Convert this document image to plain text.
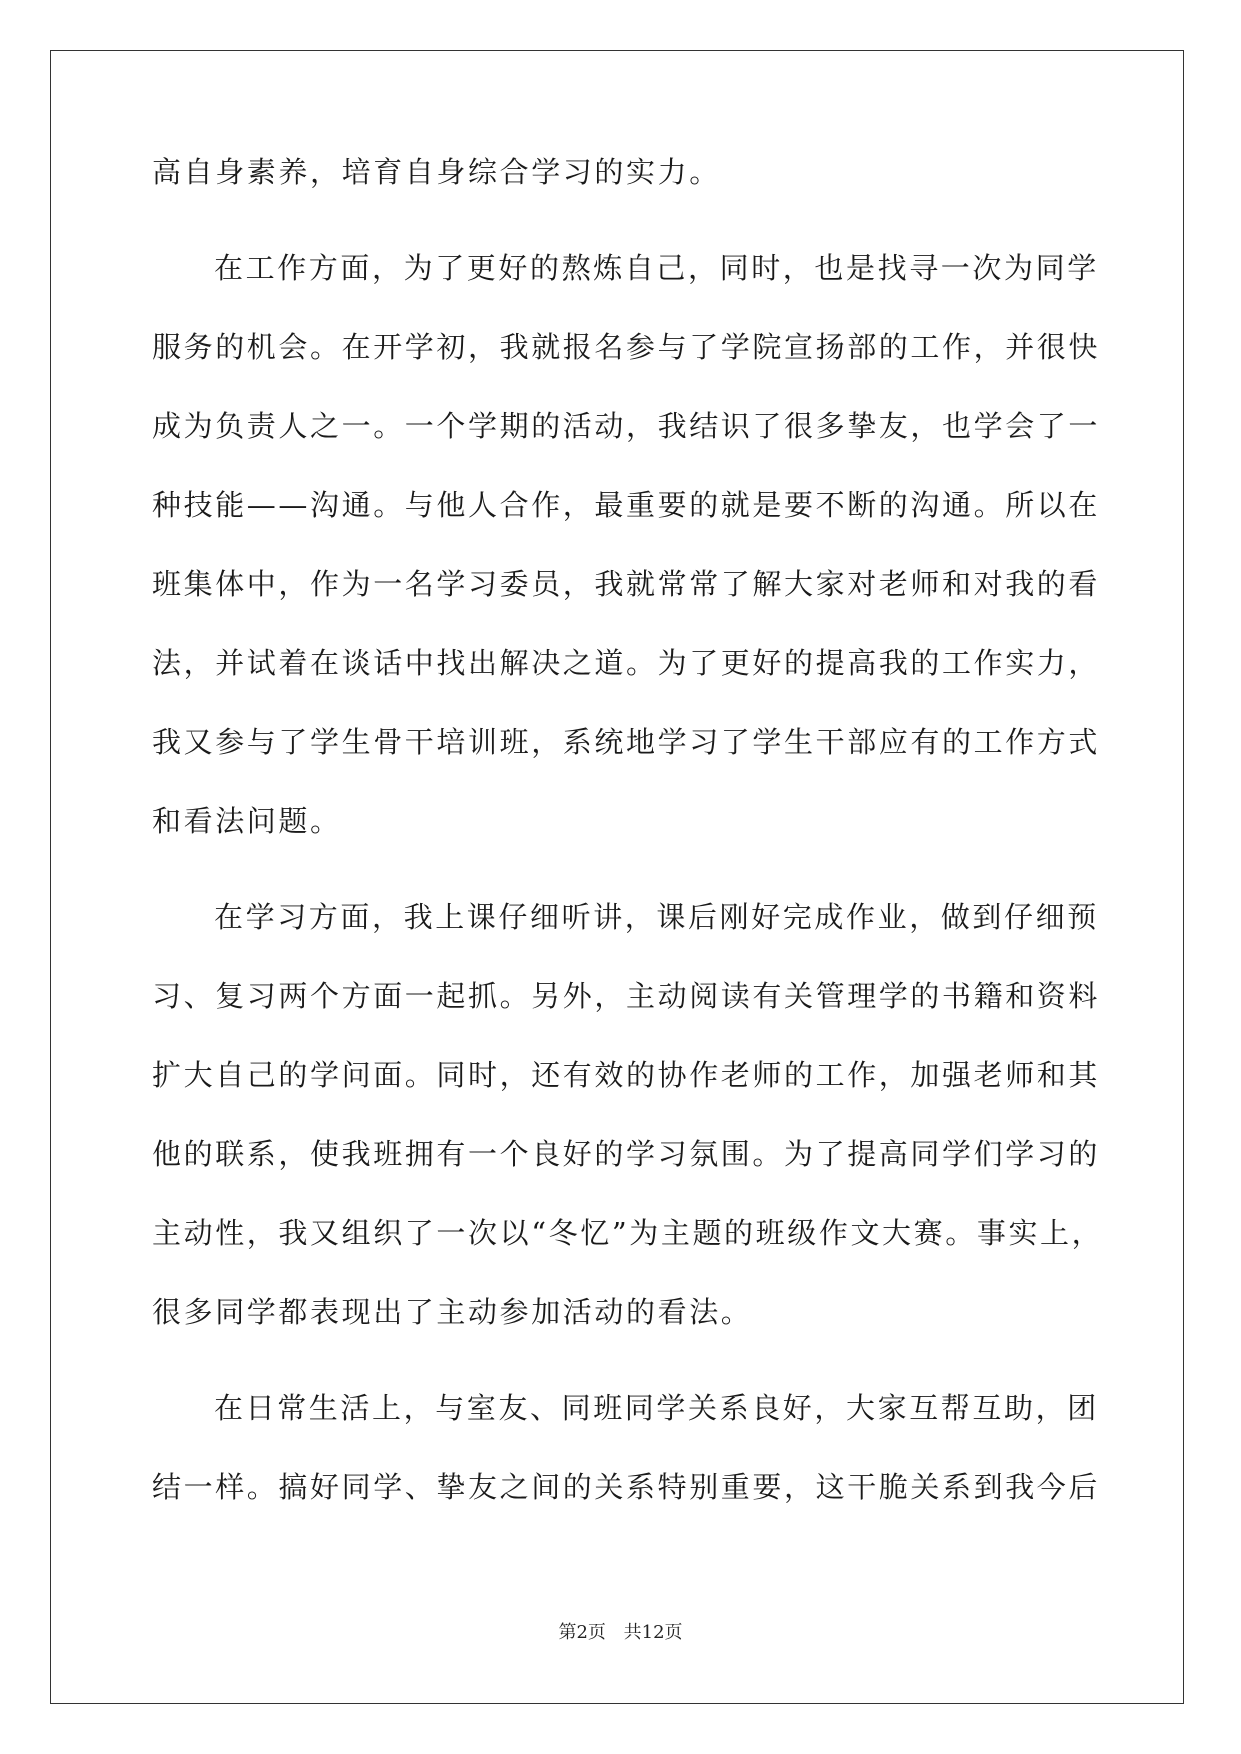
高自身素养，培育自身综合学习的实力。
在工作方面，为了更好的熬炼自己，同时，也是找寻一次为同学
服务的机会。在开学初，我就报名参与了学院宣扬部的工作，并很快
成为负责人之一。一个学期的活动，我结识了很多挚友，也学会了一
种技能——沟通。与他人合作，最重要的就是要不断的沟通。所以在
班集体中，作为一名学习委员，我就常常了解大家对老师和对我的看
法，并试着在谈话中找出解决之道。为了更好的提高我的工作实力，
我又参与了学生骨干培训班，系统地学习了学生干部应有的工作方式
和看法问题。
在学习方面，我上课仔细听讲，课后刚好完成作业，做到仔细预
习、复习两个方面一起抓。另外，主动阅读有关管理学的书籍和资料
扩大自己的学问面。同时，还有效的协作老师的工作，加强老师和其
他的联系，使我班拥有一个良好的学习氛围。为了提高同学们学习的
主动性，我又组织了一次以“冬忆”为主题的班级作文大赛。事实上，
很多同学都表现出了主动参加活动的看法。
在日常生活上，与室友、同班同学关系良好，大家互帮互助，团
结一样。搞好同学、挚友之间的关系特别重要，这干脆关系到我今后
第2页 共12页
